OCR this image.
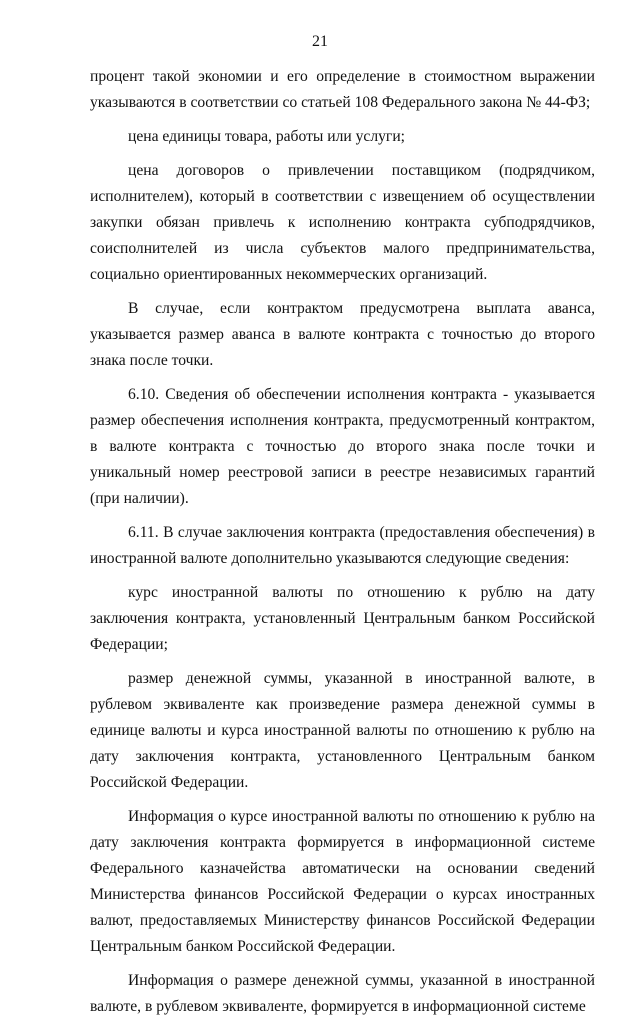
21

процент такой экономии и его определение в стоимостном выражении указываются в соответствии со статьей 108 Федерального закона № 44-ФЗ;

цена единицы товара, работы или услуги;

цена договоров о привлечении поставщиком (подрядчиком, исполнителем), который в соответствии с извещением об осуществлении закупки обязан привлечь к исполнению контракта субподрядчиков, соисполнителей из числа субъектов малого предпринимательства, социально ориентированных некоммерческих организаций.

В случае, если контрактом предусмотрена выплата аванса, указывается размер аванса в валюте контракта с точностью до второго знака после точки.

6.10. Сведения об обеспечении исполнения контракта - указывается размер обеспечения исполнения контракта, предусмотренный контрактом, в валюте контракта с точностью до второго знака после точки и уникальный номер реестровой записи в реестре независимых гарантий (при наличии).

6.11. В случае заключения контракта (предоставления обеспечения) в иностранной валюте дополнительно указываются следующие сведения:

курс иностранной валюты по отношению к рублю на дату заключения контракта, установленный Центральным банком Российской Федерации;

размер денежной суммы, указанной в иностранной валюте, в рублевом эквиваленте как произведение размера денежной суммы в единице валюты и курса иностранной валюты по отношению к рублю на дату заключения контракта, установленного Центральным банком Российской Федерации.

Информация о курсе иностранной валюты по отношению к рублю на дату заключения контракта формируется в информационной системе Федерального казначейства автоматически на основании сведений Министерства финансов Российской Федерации о курсах иностранных валют, предоставляемых Министерству финансов Российской Федерации Центральным банком Российской Федерации.

Информация о размере денежной суммы, указанной в иностранной валюте, в рублевом эквиваленте, формируется в информационной системе
